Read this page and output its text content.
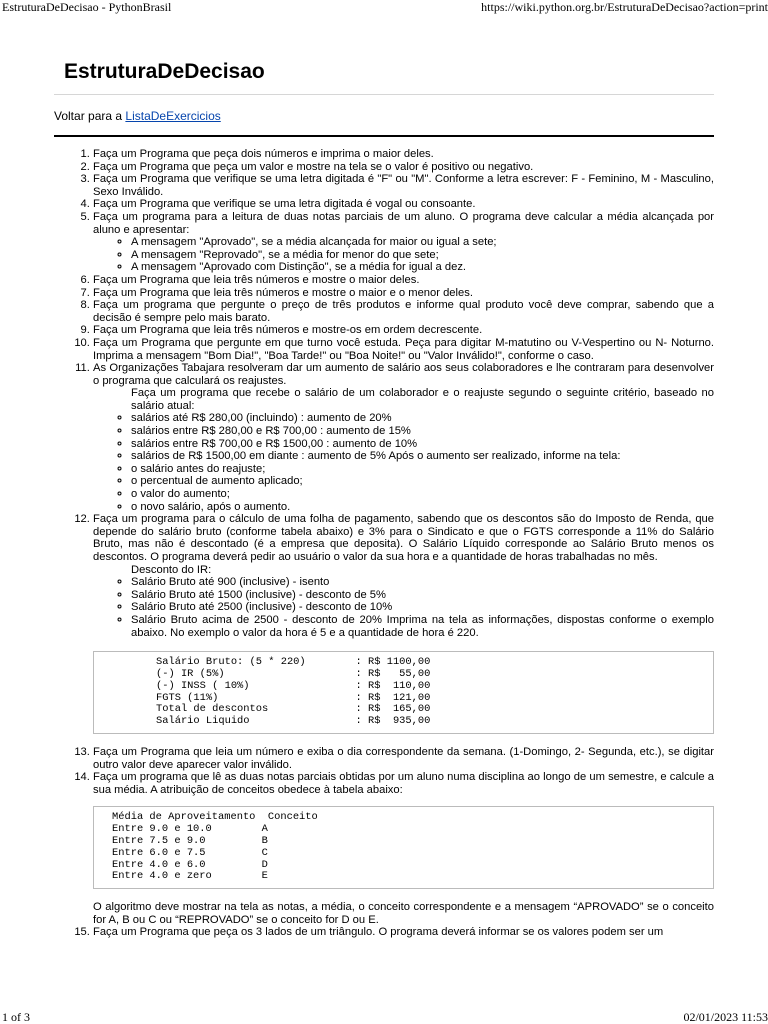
EstruturaDeDecisao - PythonBrasil	https://wiki.python.org.br/EstruturaDeDecisao?action=print
EstruturaDeDecisao
Voltar para a ListaDeExercicios
1. Faça um Programa que peça dois números e imprima o maior deles.
2. Faça um Programa que peça um valor e mostre na tela se o valor é positivo ou negativo.
3. Faça um Programa que verifique se uma letra digitada é "F" ou "M". Conforme a letra escrever: F - Feminino, M - Masculino, Sexo Inválido.
4. Faça um Programa que verifique se uma letra digitada é vogal ou consoante.
5. Faça um programa para a leitura de duas notas parciais de um aluno. O programa deve calcular a média alcançada por aluno e apresentar:
◦ A mensagem "Aprovado", se a média alcançada for maior ou igual a sete;
◦ A mensagem "Reprovado", se a média for menor do que sete;
◦ A mensagem "Aprovado com Distinção", se a média for igual a dez.
6. Faça um Programa que leia três números e mostre o maior deles.
7. Faça um Programa que leia três números e mostre o maior e o menor deles.
8. Faça um programa que pergunte o preço de três produtos e informe qual produto você deve comprar, sabendo que a decisão é sempre pelo mais barato.
9. Faça um Programa que leia três números e mostre-os em ordem decrescente.
10. Faça um Programa que pergunte em que turno você estuda. Peça para digitar M-matutino ou V-Vespertino ou N- Noturno. Imprima a mensagem "Bom Dia!", "Boa Tarde!" ou "Boa Noite!" ou "Valor Inválido!", conforme o caso.
11. As Organizações Tabajara resolveram dar um aumento de salário aos seus colaboradores e lhe contraram para desenvolver o programa que calculará os reajustes.
Faça um programa que recebe o salário de um colaborador e o reajuste segundo o seguinte critério, baseado no salário atual:
◦ salários até R$ 280,00 (incluindo) : aumento de 20%
◦ salários entre R$ 280,00 e R$ 700,00 : aumento de 15%
◦ salários entre R$ 700,00 e R$ 1500,00 : aumento de 10%
◦ salários de R$ 1500,00 em diante : aumento de 5% Após o aumento ser realizado, informe na tela:
◦ o salário antes do reajuste;
◦ o percentual de aumento aplicado;
◦ o valor do aumento;
◦ o novo salário, após o aumento.
12. Faça um programa para o cálculo de uma folha de pagamento, sabendo que os descontos são do Imposto de Renda, que depende do salário bruto (conforme tabela abaixo) e 3% para o Sindicato e que o FGTS corresponde a 11% do Salário Bruto, mas não é descontado (é a empresa que deposita). O Salário Líquido corresponde ao Salário Bruto menos os descontos. O programa deverá pedir ao usuário o valor da sua hora e a quantidade de horas trabalhadas no mês.
Desconto do IR:
◦ Salário Bruto até 900 (inclusive) - isento
◦ Salário Bruto até 1500 (inclusive) - desconto de 5%
◦ Salário Bruto até 2500 (inclusive) - desconto de 10%
◦ Salário Bruto acima de 2500 - desconto de 20% Imprima na tela as informações, dispostas conforme o exemplo abaixo. No exemplo o valor da hora é 5 e a quantidade de hora é 220.
Salário Bruto: (5 * 220)        : R$ 1100,00
(-) IR (5%)                     : R$   55,00
(-) INSS ( 10%)                 : R$  110,00
FGTS (11%)                      : R$  121,00
Total de descontos              : R$  165,00
Salário Liquido                 : R$  935,00
13. Faça um Programa que leia um número e exiba o dia correspondente da semana. (1-Domingo, 2- Segunda, etc.), se digitar outro valor deve aparecer valor inválido.
14. Faça um programa que lê as duas notas parciais obtidas por um aluno numa disciplina ao longo de um semestre, e calcule a sua média. A atribuição de conceitos obedece à tabela abaixo:
Média de Aproveitamento  Conceito
Entre 9.0 e 10.0        A
Entre 7.5 e 9.0         B
Entre 6.0 e 7.5         C
Entre 4.0 e 6.0         D
Entre 4.0 e zero        E
O algoritmo deve mostrar na tela as notas, a média, o conceito correspondente e a mensagem “APROVADO” se o conceito for A, B ou C ou “REPROVADO” se o conceito for D ou E.
15. Faça um Programa que peça os 3 lados de um triângulo. O programa deverá informar se os valores podem ser um
1 of 3	02/01/2023 11:53
